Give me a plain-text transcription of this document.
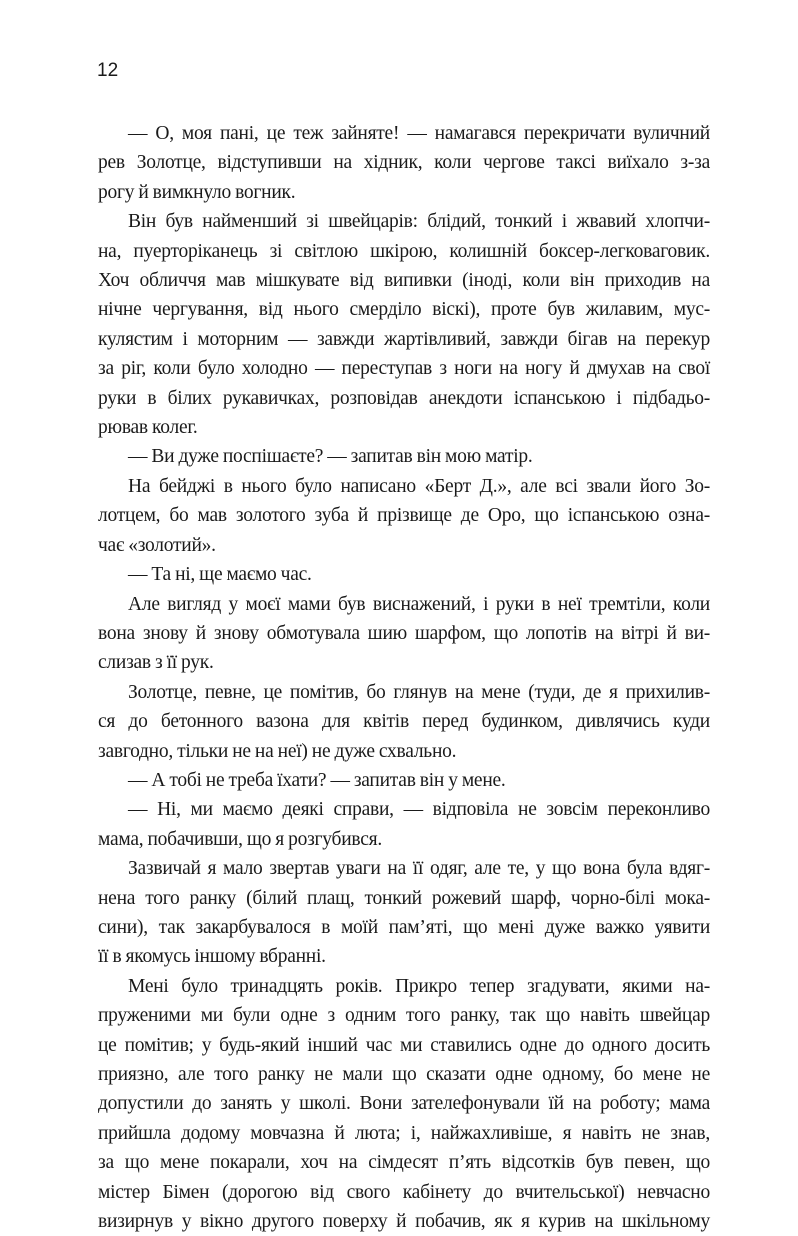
12

— О, моя пані, це теж зайняте! — намагався перекричати вуличний
рев Золотце, відступивши на хідник, коли чергове таксі виїхало з-за
рогу й вимкнуло вогник.

Він був найменший зі швейцарів: блідий, тонкий і жвавий хлопчи-
на, пуерторіканець зі світлою шкірою, колишній боксер-легковаговик.
Хоч обличчя мав мішкувате від випивки (іноді, коли він приходив на
нічне чергування, від нього смерділо віскі), проте був жилавим, мус-
кулястим і моторним — завжди жартівливий, завжди бігав на перекур
за ріг, коли було холодно — переступав з ноги на ногу й дмухав на свої
руки в білих рукавичках, розповідав анекдоти іспанською і підбадьо-
рював колег.

— Ви дуже поспішаєте? — запитав він мою матір.

На бейджі в нього було написано «Берт Д.», але всі звали його Зо-
лотцем, бо мав золотого зуба й прізвище де Оро, що іспанською озна-
чає «золотий».

— Та ні, ще маємо час.

Але вигляд у моєї мами був виснажений, і руки в неї тремтіли, коли
вона знову й знову обмотувала шию шарфом, що лопотів на вітрі й ви-
слизав з її рук.

Золотце, певне, це помітив, бо глянув на мене (туди, де я прихилив-
ся до бетонного вазона для квітів перед будинком, дивлячись куди
завгодно, тільки не на неї) не дуже схвально.

— А тобі не треба їхати? — запитав він у мене.

— Ні, ми маємо деякі справи, — відповіла не зовсім переконливо
мама, побачивши, що я розгубився.

Зазвичай я мало звертав уваги на її одяг, але те, у що вона була вдяг-
нена того ранку (білий плащ, тонкий рожевий шарф, чорно-білі мока-
сини), так закарбувалося в моїй пам’яті, що мені дуже важко уявити
її в якомусь іншому вбранні.

Мені було тринадцять років. Прикро тепер згадувати, якими на-
пруженими ми були одне з одним того ранку, так що навіть швейцар
це помітив; у будь-який інший час ми ставились одне до одного досить
приязно, але того ранку не мали що сказати одне одному, бо мене не
допустили до занять у школі. Вони зателефонували їй на роботу; мама
прийшла додому мовчазна й люта; і, найжахливіше, я навіть не знав,
за що мене покарали, хоч на сімдесят п’ять відсотків був певен, що
містер Бімен (дорогою від свого кабінету до вчительської) невчасно
визирнув у вікно другого поверху й побачив, як я курив на шкільному
